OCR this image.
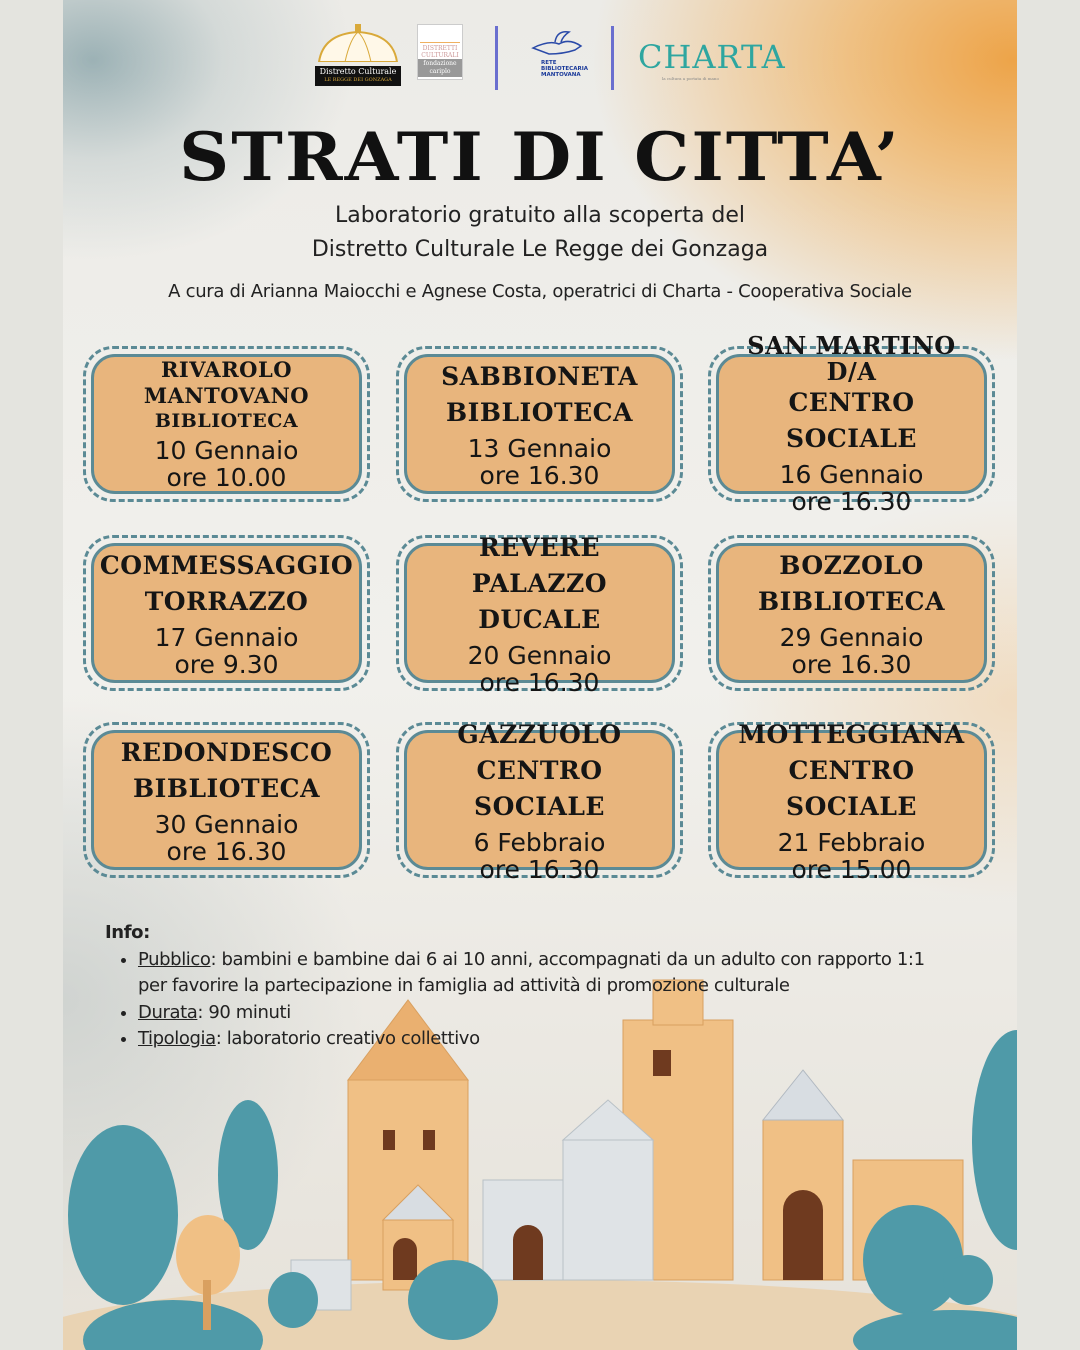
Distretto Culturale
LE REGGE DEI GONZAGA
DISTRETTI
CULTURALI
fondazione
cariplo
RETE
BIBLIOTECARIA
MANTOVANA CHARTA
la cultura a portata di mano
STRATI DI CITTA’
Laboratorio gratuito alla scoperta del
Distretto Culturale Le Regge dei Gonzaga
A cura di Arianna Maiocchi e Agnese Costa, operatrici di Charta - Cooperativa Sociale
RIVAROLO MANTOVANO
BIBLIOTECA
10 Gennaio
ore 10.00
SABBIONETA
BIBLIOTECA
13 Gennaio
ore 16.30
SAN MARTINO D/A
CENTRO SOCIALE
16 Gennaio
ore 16.30
COMMESSAGGIO
TORRAZZO
17 Gennaio
ore 9.30
REVERE
PALAZZO DUCALE
20 Gennaio
ore 16.30
BOZZOLO
BIBLIOTECA
29 Gennaio
ore 16.30
REDONDESCO
BIBLIOTECA
30 Gennaio
ore 16.30
GAZZUOLO
CENTRO SOCIALE
6 Febbraio
ore 16.30
MOTTEGGIANA
CENTRO SOCIALE
21 Febbraio
ore 15.00
Info:
• Pubblico: bambini e bambine dai 6 ai 10 anni, accompagnati da un adulto con rapporto 1:1 per favorire la partecipazione in famiglia ad attività di promozione culturale
• Durata: 90 minuti
• Tipologia: laboratorio creativo collettivo
